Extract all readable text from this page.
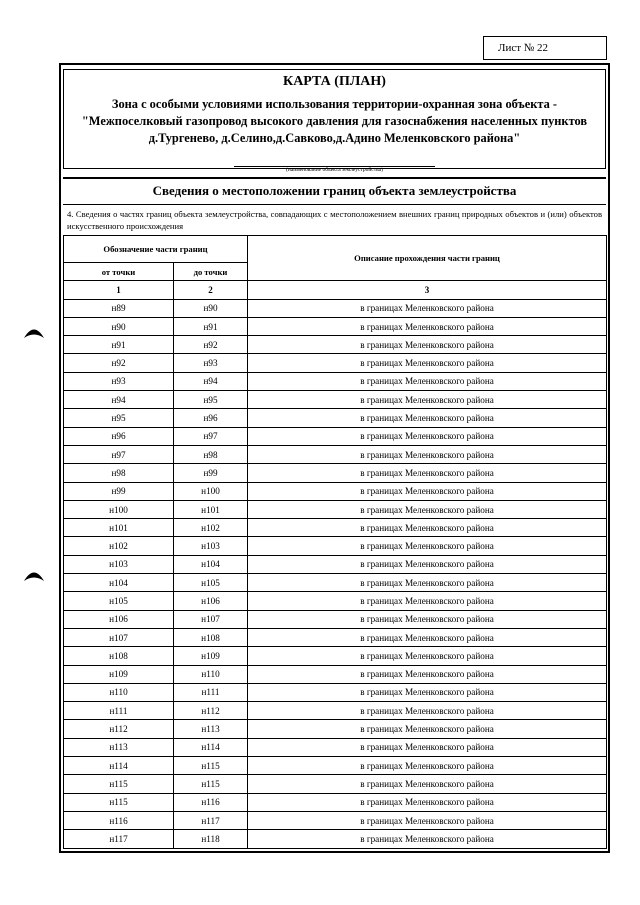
Лист № 22
КАРТА (ПЛАН)
Зона с особыми условиями использования территории-охранная зона объекта -"Межпоселковый газопровод высокого давления для газоснабжения населенных пунктов д.Тургенево, д.Селино,д.Савково,д.Адино Меленковского района"
(наименование объекта землеустройства)
Сведения о местоположении границ объекта землеустройства
4. Сведения о частях границ объекта землеустройства, совпадающих с местоположением внешних границ природных объектов и (или) объектов искусственного происхождения
Обозначение части границ		Описание прохождения части границ
от точки	до точки	
1	2	3
н89	н90	в границах Меленковского района
н90	н91	в границах Меленковского района
н91	н92	в границах Меленковского района
н92	н93	в границах Меленковского района
н93	н94	в границах Меленковского района
н94	н95	в границах Меленковского района
н95	н96	в границах Меленковского района
н96	н97	в границах Меленковского района
н97	н98	в границах Меленковского района
н98	н99	в границах Меленковского района
н99	н100	в границах Меленковского района
н100	н101	в границах Меленковского района
н101	н102	в границах Меленковского района
н102	н103	в границах Меленковского района
н103	н104	в границах Меленковского района
н104	н105	в границах Меленковского района
н105	н106	в границах Меленковского района
н106	н107	в границах Меленковского района
н107	н108	в границах Меленковского района
н108	н109	в границах Меленковского района
н109	н110	в границах Меленковского района
н110	н111	в границах Меленковского района
н111	н112	в границах Меленковского района
н112	н113	в границах Меленковского района
н113	н114	в границах Меленковского района
н114	н115	в границах Меленковского района
н115	н115	в границах Меленковского района
н115	н116	в границах Меленковского района
н116	н117	в границах Меленковского района
н117	н118	в границах Меленковского района
